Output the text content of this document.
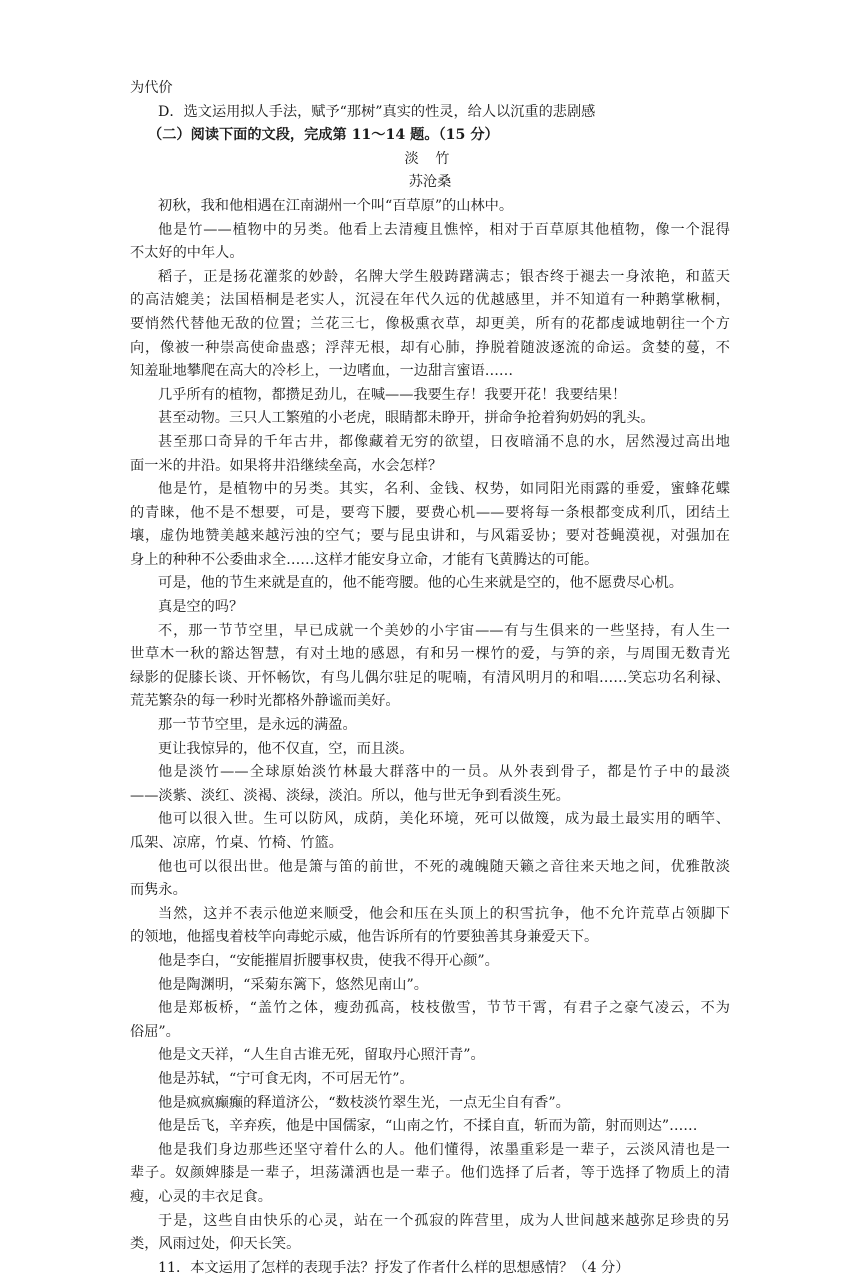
为代价
D．选文运用拟人手法，赋予“那树”真实的性灵，给人以沉重的悲剧感
（二）阅读下面的文段，完成第 11～14 题。（15 分）
淡 竹
苏沧桑
初秋，我和他相遇在江南湖州一个叫“百草原”的山林中。
他是竹——植物中的另类。他看上去清瘦且憔悴，相对于百草原其他植物，像一个混得
不太好的中年人。
稻子，正是扬花灌浆的妙龄，名牌大学生般踌躇满志；银杏终于褪去一身浓艳，和蓝天
的高洁媲美；法国梧桐是老实人，沉浸在年代久远的优越感里，并不知道有一种鹅掌楸桐，
要悄然代替他无敌的位置；兰花三七，像极熏衣草，却更美，所有的花都虔诚地朝往一个方
向，像被一种崇高使命蛊惑；浮萍无根，却有心肺，挣脱着随波逐流的命运。贪婪的蔓，不
知羞耻地攀爬在高大的冷杉上，一边嗜血，一边甜言蜜语……
几乎所有的植物，都攒足劲儿，在喊——我要生存！我要开花！我要结果！
甚至动物。三只人工繁殖的小老虎，眼睛都未睁开，拼命争抢着狗奶妈的乳头。
甚至那口奇异的千年古井，都像藏着无穷的欲望，日夜暗涌不息的水，居然漫过高出地
面一米的井沿。如果将井沿继续垒高，水会怎样？
他是竹，是植物中的另类。其实，名利、金钱、权势，如同阳光雨露的垂爱，蜜蜂花蝶
的青睐，他不是不想要，可是，要弯下腰，要费心机——要将每一条根都变成利爪，团结土
壤，虚伪地赞美越来越污浊的空气；要与昆虫讲和，与风霜妥协；要对苍蝇漠视，对强加在
身上的种种不公委曲求全……这样才能安身立命，才能有飞黄腾达的可能。
可是，他的节生来就是直的，他不能弯腰。他的心生来就是空的，他不愿费尽心机。
真是空的吗？
不，那一节节空里，早已成就一个美妙的小宇宙——有与生俱来的一些坚持，有人生一
世草木一秋的豁达智慧，有对土地的感恩，有和另一棵竹的爱，与笋的亲，与周围无数青光
绿影的促膝长谈、开怀畅饮，有鸟儿偶尔驻足的呢喃，有清风明月的和唱……笑忘功名利禄、
荒芜繁杂的每一秒时光都格外静谧而美好。
那一节节空里，是永远的满盈。
更让我惊异的，他不仅直，空，而且淡。
他是淡竹——全球原始淡竹林最大群落中的一员。从外表到骨子，都是竹子中的最淡
——淡紫、淡红、淡褐、淡绿，淡泊。所以，他与世无争到看淡生死。
他可以很入世。生可以防风，成荫，美化环境，死可以做篾，成为最土最实用的晒竿、
瓜架、凉席，竹桌、竹椅、竹篮。
他也可以很出世。他是箫与笛的前世，不死的魂魄随天籁之音往来天地之间，优雅散淡
而隽永。
当然，这并不表示他逆来顺受，他会和压在头顶上的积雪抗争，他不允许荒草占领脚下
的领地，他摇曳着枝竿向毒蛇示威，他告诉所有的竹要独善其身兼爱天下。
他是李白，“安能摧眉折腰事权贵，使我不得开心颜”。
他是陶渊明，“采菊东篱下，悠然见南山”。
他是郑板桥，“盖竹之体，瘦劲孤高，枝枝傲雪，节节干霄，有君子之豪气凌云，不为
俗屈”。
他是文天祥，“人生自古谁无死，留取丹心照汗青”。
他是苏轼，“宁可食无肉，不可居无竹”。
他是疯疯癫癫的释道济公，“数枝淡竹翠生光，一点无尘自有香”。
他是岳飞，辛弃疾，他是中国儒家，“山南之竹，不揉自直，斩而为箭，射而则达”……
他是我们身边那些还坚守着什么的人。他们懂得，浓墨重彩是一辈子，云淡风清也是一
辈子。奴颜婢膝是一辈子，坦荡潇洒也是一辈子。他们选择了后者，等于选择了物质上的清
瘦，心灵的丰衣足食。
于是，这些自由快乐的心灵，站在一个孤寂的阵营里，成为人世间越来越弥足珍贵的另
类，风雨过处，仰天长笑。
11．本文运用了怎样的表现手法？抒发了作者什么样的思想感情？（4 分）
